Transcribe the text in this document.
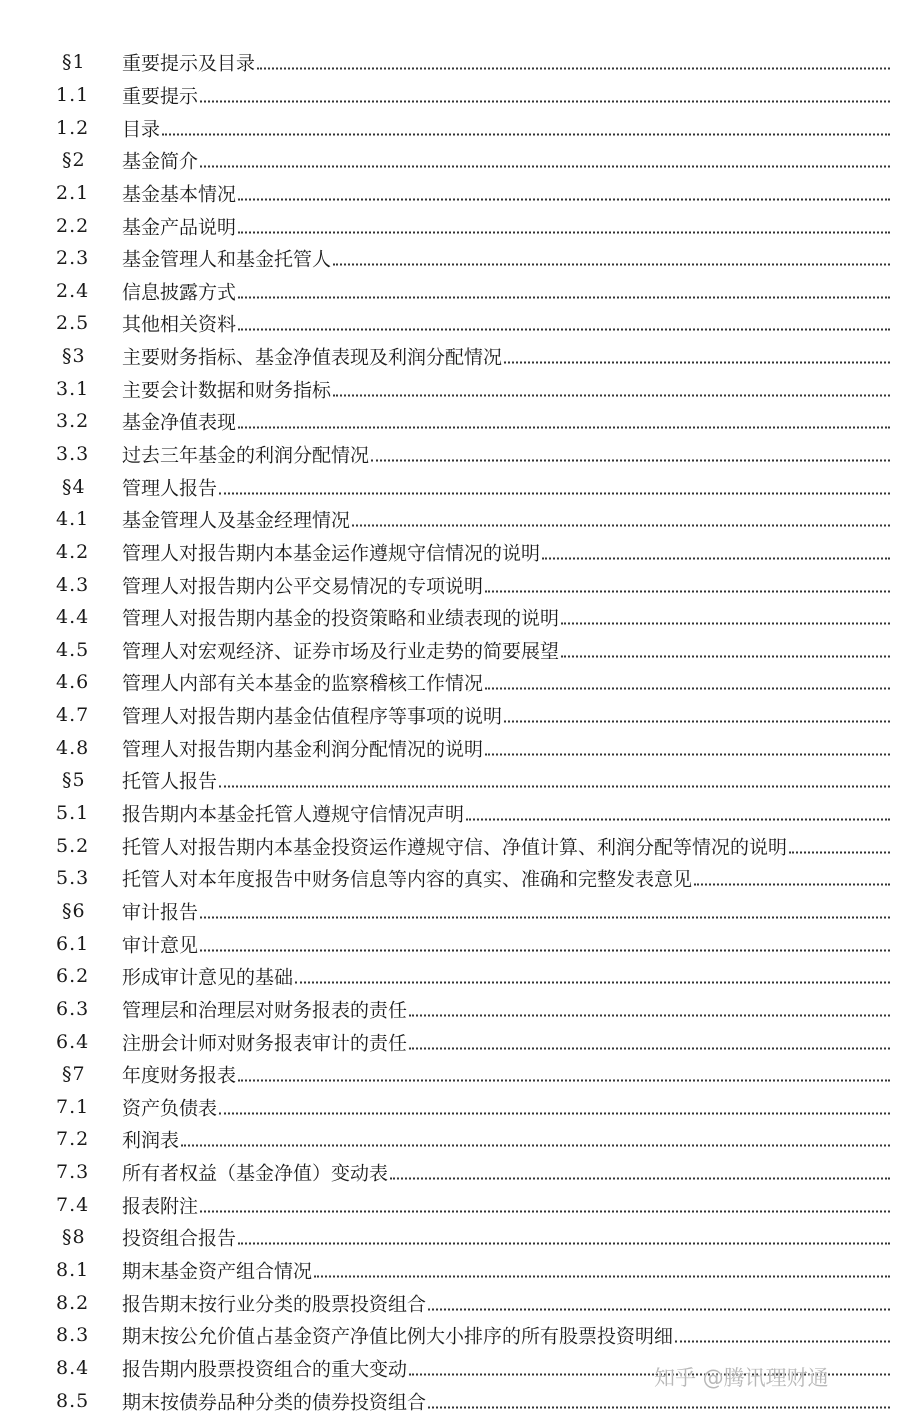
§1	重要提示及目录
1.1	重要提示
1.2	目录
§2	基金简介
2.1	基金基本情况
2.2	基金产品说明
2.3	基金管理人和基金托管人
2.4	信息披露方式
2.5	其他相关资料
§3	主要财务指标、基金净值表现及利润分配情况
3.1	主要会计数据和财务指标
3.2	基金净值表现
3.3	过去三年基金的利润分配情况
§4	管理人报告
4.1	基金管理人及基金经理情况
4.2	管理人对报告期内本基金运作遵规守信情况的说明
4.3	管理人对报告期内公平交易情况的专项说明
4.4	管理人对报告期内基金的投资策略和业绩表现的说明
4.5	管理人对宏观经济、证券市场及行业走势的简要展望
4.6	管理人内部有关本基金的监察稽核工作情况
4.7	管理人对报告期内基金估值程序等事项的说明
4.8	管理人对报告期内基金利润分配情况的说明
§5	托管人报告
5.1	报告期内本基金托管人遵规守信情况声明
5.2	托管人对报告期内本基金投资运作遵规守信、净值计算、利润分配等情况的说明
5.3	托管人对本年度报告中财务信息等内容的真实、准确和完整发表意见
§6	审计报告
6.1	审计意见
6.2	形成审计意见的基础
6.3	管理层和治理层对财务报表的责任
6.4	注册会计师对财务报表审计的责任
§7	年度财务报表
7.1	资产负债表
7.2	利润表
7.3	所有者权益（基金净值）变动表
7.4	报表附注
§8	投资组合报告
8.1	期末基金资产组合情况
8.2	报告期末按行业分类的股票投资组合
8.3	期末按公允价值占基金资产净值比例大小排序的所有股票投资明细
8.4	报告期内股票投资组合的重大变动
8.5	期末按债券品种分类的债券投资组合
知乎 @腾讯理财通
